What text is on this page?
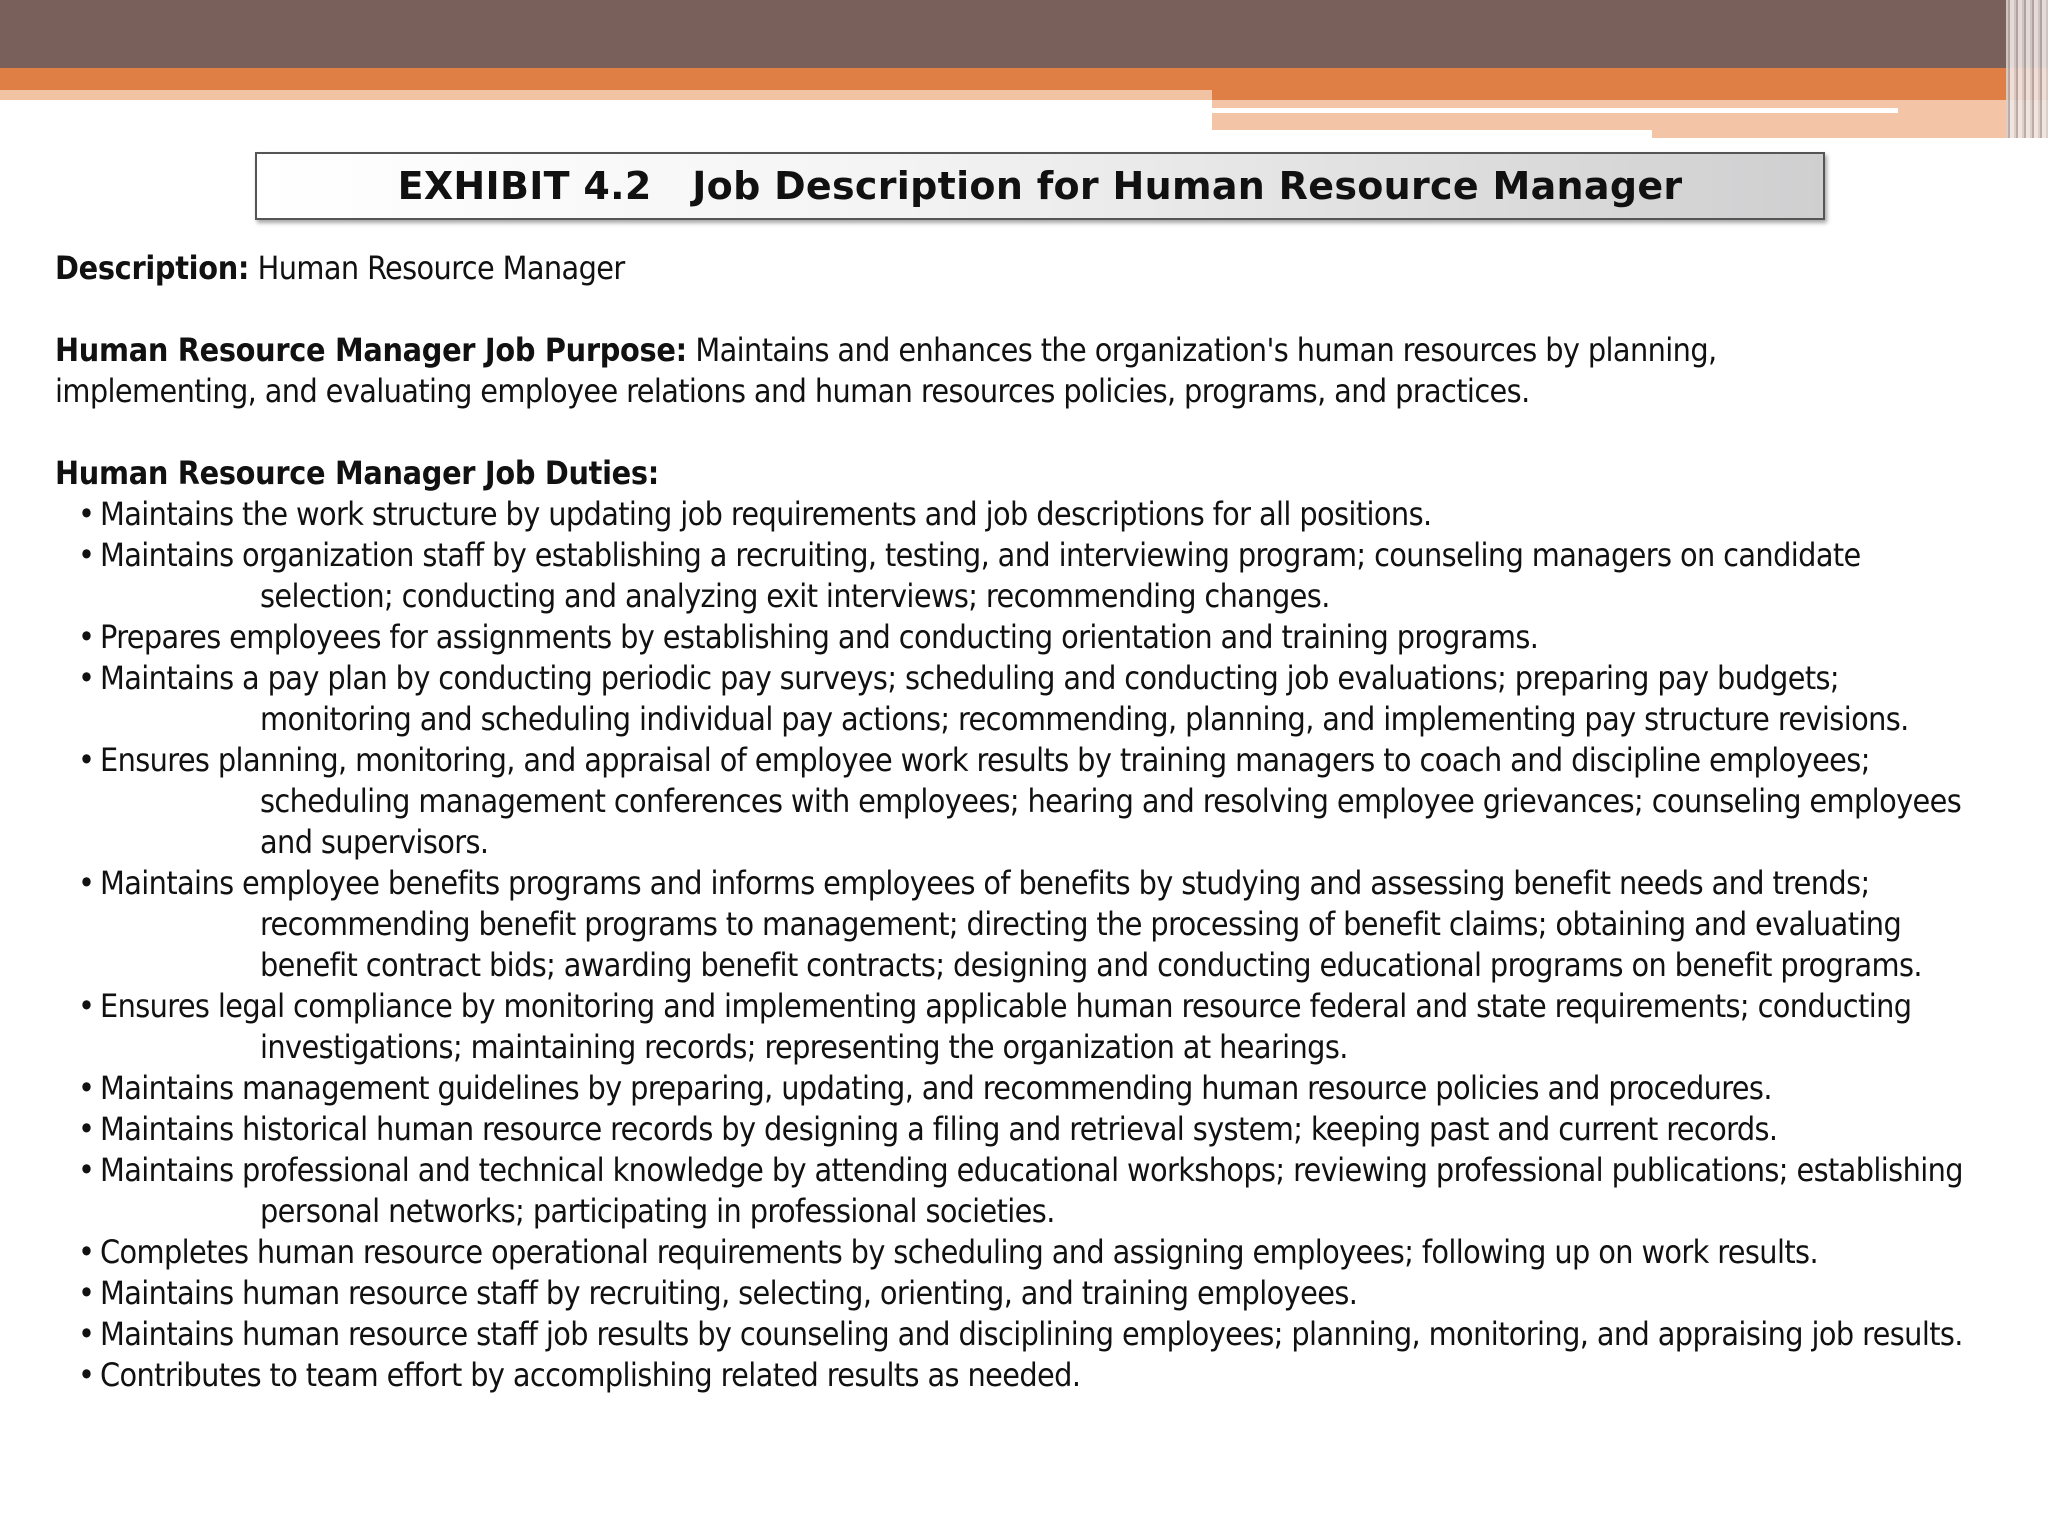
EXHIBIT 4.2   Job Description for Human Resource Manager

Description: Human Resource Manager

Human Resource Manager Job Purpose: Maintains and enhances the organization's human resources by planning, implementing, and evaluating employee relations and human resources policies, programs, and practices.

Human Resource Manager Job Duties:

• Maintains the work structure by updating job requirements and job descriptions for all positions.
• Maintains organization staff by establishing a recruiting, testing, and interviewing program; counseling managers on candidate selection; conducting and analyzing exit interviews; recommending changes.
• Prepares employees for assignments by establishing and conducting orientation and training programs.
• Maintains a pay plan by conducting periodic pay surveys; scheduling and conducting job evaluations; preparing pay budgets; monitoring and scheduling individual pay actions; recommending, planning, and implementing pay structure revisions.
• Ensures planning, monitoring, and appraisal of employee work results by training managers to coach and discipline employees; scheduling management conferences with employees; hearing and resolving employee grievances; counseling employees and supervisors.
• Maintains employee benefits programs and informs employees of benefits by studying and assessing benefit needs and trends; recommending benefit programs to management; directing the processing of benefit claims; obtaining and evaluating benefit contract bids; awarding benefit contracts; designing and conducting educational programs on benefit programs.
• Ensures legal compliance by monitoring and implementing applicable human resource federal and state requirements; conducting investigations; maintaining records; representing the organization at hearings.
• Maintains management guidelines by preparing, updating, and recommending human resource policies and procedures.
• Maintains historical human resource records by designing a filing and retrieval system; keeping past and current records.
• Maintains professional and technical knowledge by attending educational workshops; reviewing professional publications; establishing personal networks; participating in professional societies.
• Completes human resource operational requirements by scheduling and assigning employees; following up on work results.
• Maintains human resource staff by recruiting, selecting, orienting, and training employees.
• Maintains human resource staff job results by counseling and disciplining employees; planning, monitoring, and appraising job results.
• Contributes to team effort by accomplishing related results as needed.
